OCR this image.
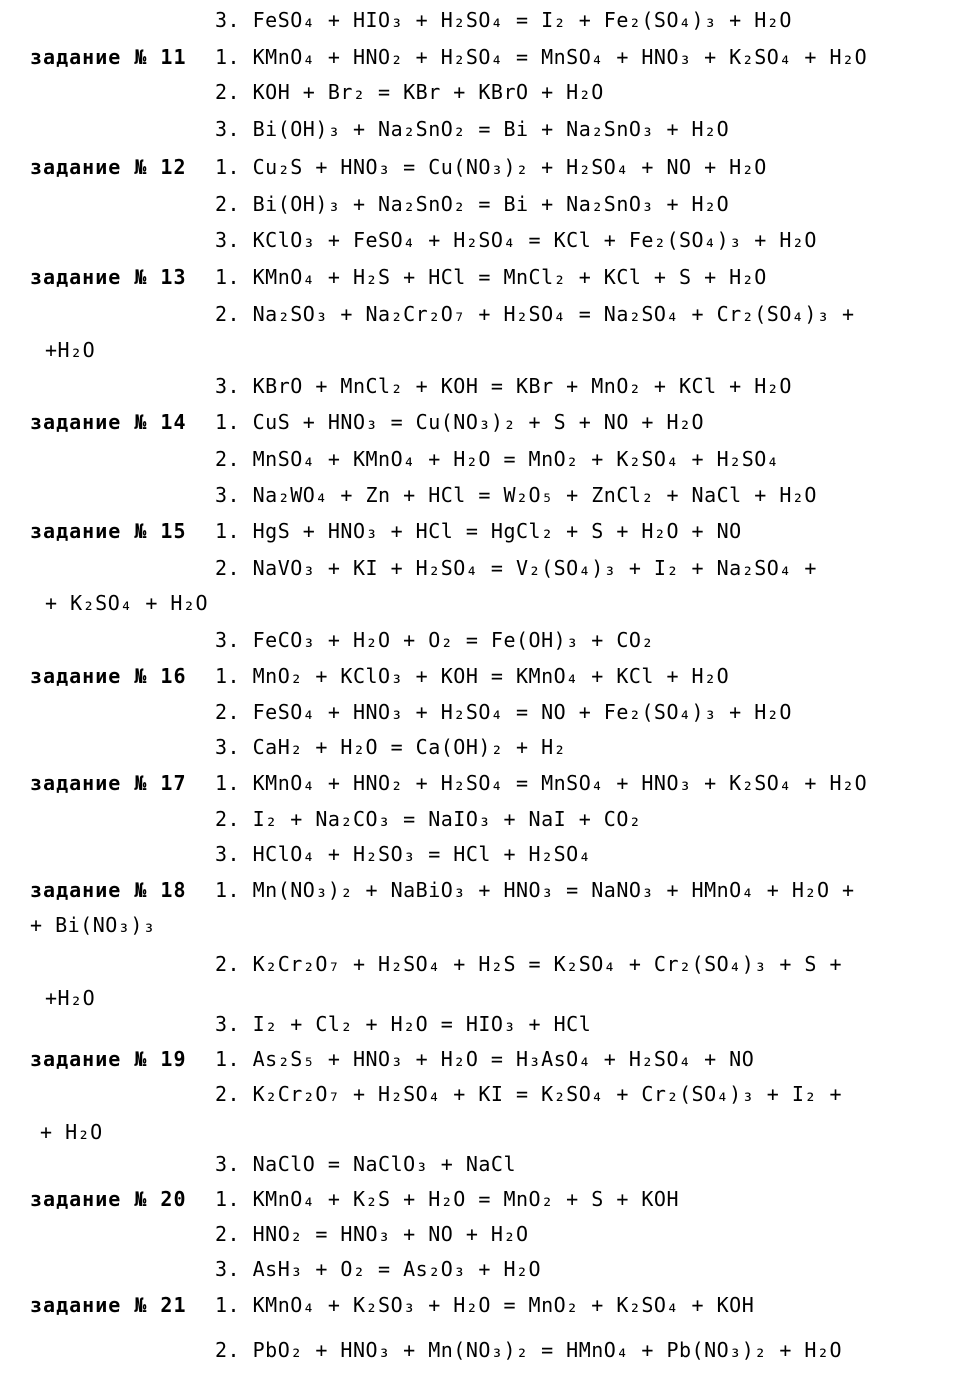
3. FeSO₄ + HIO₃ + H₂SO₄ = I₂ + Fe₂(SO₄)₃ + H₂O
задание № 11 1. KMnO₄ + HNO₂ + H₂SO₄ = MnSO₄ + HNO₃ + K₂SO₄ + H₂O
2. KOH + Br₂ = KBr + KBrO + H₂O
3. Bi(OH)₃ + Na₂SnO₂ = Bi + Na₂SnO₃ + H₂O
задание № 12 1. Cu₂S + HNO₃ = Cu(NO₃)₂ + H₂SO₄ + NO + H₂O
2. Bi(OH)₃ + Na₂SnO₂ = Bi + Na₂SnO₃ + H₂O
3. KClO₃ + FeSO₄ + H₂SO₄ = KCl + Fe₂(SO₄)₃ + H₂O
задание № 13 1. KMnO₄ + H₂S + HCl = MnCl₂ + KCl + S + H₂O
2. Na₂SO₃ + Na₂Cr₂O₇ + H₂SO₄ = Na₂SO₄ + Cr₂(SO₄)₃ +
+H₂O
3. KBrO + MnCl₂ + KOH = KBr + MnO₂ + KCl + H₂O
задание № 14 1. CuS + HNO₃ = Cu(NO₃)₂ + S + NO + H₂O
2. MnSO₄ + KMnO₄ + H₂O = MnO₂ + K₂SO₄ + H₂SO₄
3. Na₂WO₄ + Zn + HCl = W₂O₅ + ZnCl₂ + NaCl + H₂O
задание № 15 1. HgS + HNO₃ + HCl = HgCl₂ + S + H₂O + NO
2. NaVO₃ + KI + H₂SO₄ = V₂(SO₄)₃ + I₂ + Na₂SO₄ +
+ K₂SO₄ + H₂O
3. FeCO₃ + H₂O + O₂ = Fe(OH)₃ + CO₂
задание № 16 1. MnO₂ + KClO₃ + KOH = KMnO₄ + KCl + H₂O
2. FeSO₄ + HNO₃ + H₂SO₄ = NO + Fe₂(SO₄)₃ + H₂O
3. CaH₂ + H₂O = Ca(OH)₂ + H₂
задание № 17 1. KMnO₄ + HNO₂ + H₂SO₄ = MnSO₄ + HNO₃ + K₂SO₄ + H₂O
2. I₂ + Na₂CO₃ = NaIO₃ + NaI + CO₂
3. HClO₄ + H₂SO₃ = HCl + H₂SO₄
задание № 18 1. Mn(NO₃)₂ + NaBiO₃ + HNO₃ = NaNO₃ + HMnO₄ + H₂O +
+ Bi(NO₃)₃
2. K₂Cr₂O₇ + H₂SO₄ + H₂S = K₂SO₄ + Cr₂(SO₄)₃ + S +
+H₂O
3. I₂ + Cl₂ + H₂O = HIO₃ + HCl
задание № 19 1. As₂S₅ + HNO₃ + H₂O = H₃AsO₄ + H₂SO₄ + NO
2. K₂Cr₂O₇ + H₂SO₄ + KI = K₂SO₄ + Cr₂(SO₄)₃ + I₂ +
+ H₂O
3. NaClO = NaClO₃ + NaCl
задание № 20 1. KMnO₄ + K₂S + H₂O = MnO₂ + S + KOH
2. HNO₂ = HNO₃ + NO + H₂O
3. AsH₃ + O₂ = As₂O₃ + H₂O
задание № 21 1. KMnO₄ + K₂SO₃ + H₂O = MnO₂ + K₂SO₄ + KOH
2. PbO₂ + HNO₃ + Mn(NO₃)₂ = HMnO₄ + Pb(NO₃)₂ + H₂O
